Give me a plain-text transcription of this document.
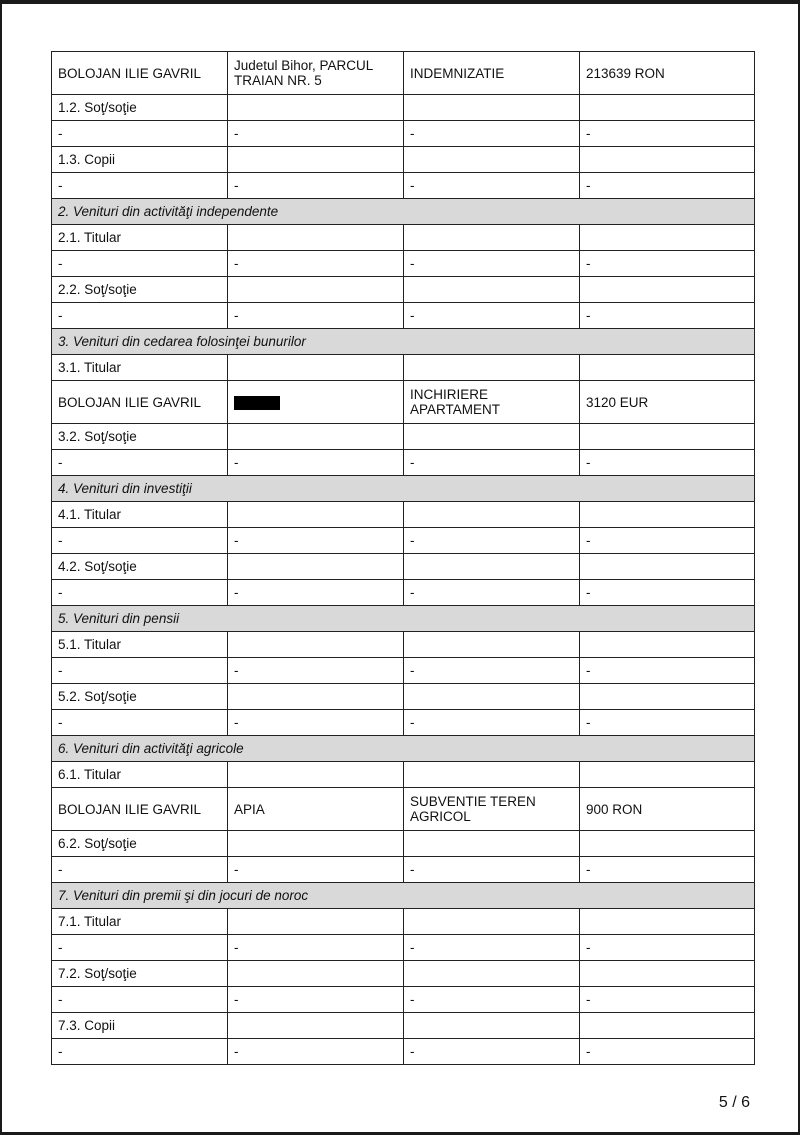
BOLOJAN ILIE GAVRIL	Judetul Bihor, PARCUL TRAIAN NR. 5	INDEMNIZATIE	213639 RON
1.2. Soţ/soţie			
-	-	-	-
1.3. Copii			
-	-	-	-
2. Venituri din activităţi independente			
2.1. Titular			
-	-	-	-
2.2. Soţ/soţie			
-	-	-	-
3. Venituri din cedarea folosinţei bunurilor			
3.1. Titular			
BOLOJAN ILIE GAVRIL		INCHIRIERE APARTAMENT	3120 EUR
3.2. Soţ/soţie			
-	-	-	-
4. Venituri din investiţii			
4.1. Titular			
-	-	-	-
4.2. Soţ/soţie			
-	-	-	-
5. Venituri din pensii			
5.1. Titular			
-	-	-	-
5.2. Soţ/soţie			
-	-	-	-
6. Venituri din activităţi agricole			
6.1. Titular			
BOLOJAN ILIE GAVRIL	APIA	SUBVENTIE TEREN AGRICOL	900 RON
6.2. Soţ/soţie			
-	-	-	-
7. Venituri din premii şi din jocuri de noroc			
7.1. Titular			
-	-	-	-
7.2. Soţ/soţie			
-	-	-	-
7.3. Copii			
-	-	-	-
5 / 6
